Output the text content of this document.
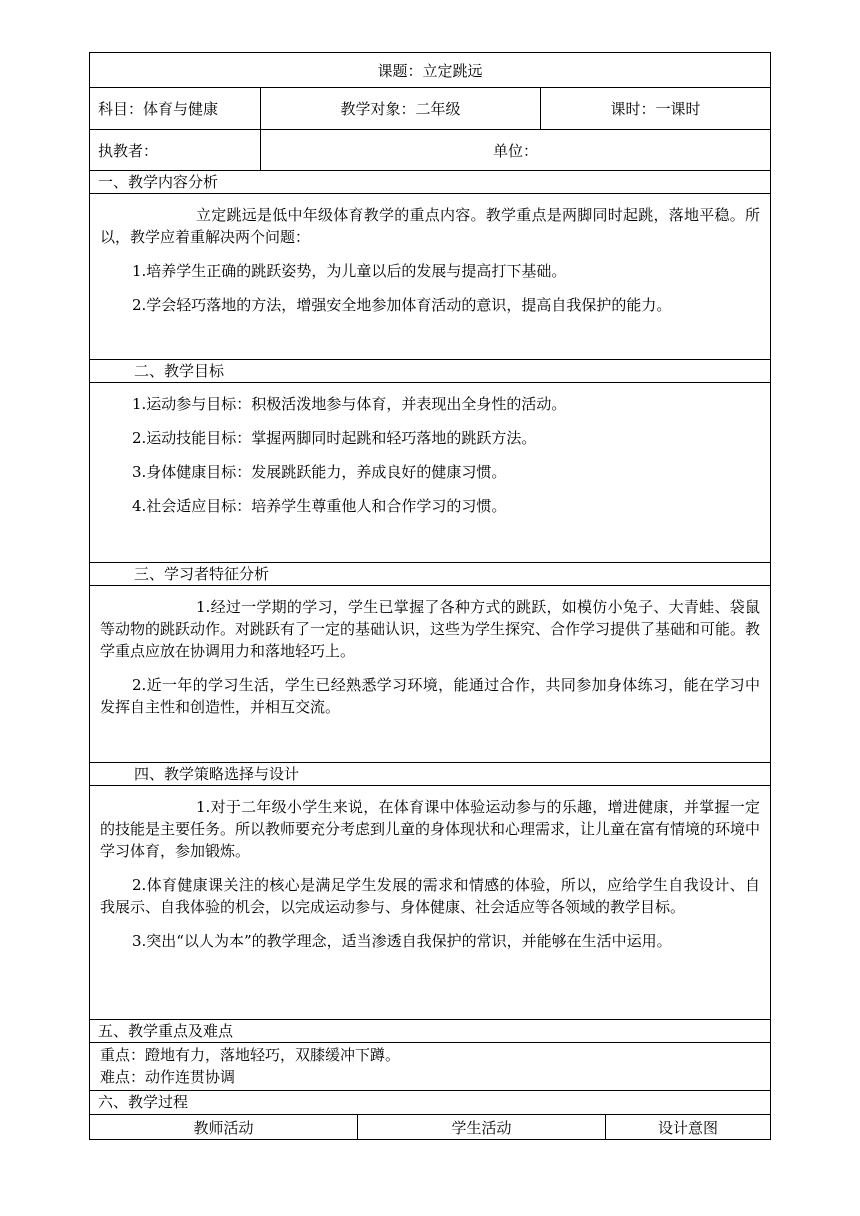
课题：立定跳远
科目：体育与健康	教学对象：二年级	课时：一课时
执教者：	单位：
一、教学内容分析

立定跳远是低中年级体育教学的重点内容。教学重点是两脚同时起跳，落地平稳。所以，教学应着重解决两个问题：

1.培养学生正确的跳跃姿势，为儿童以后的发展与提高打下基础。

2.学会轻巧落地的方法，增强安全地参加体育活动的意识，提高自我保护的能力。

二、教学目标

1.运动参与目标：积极活泼地参与体育，并表现出全身性的活动。

2.运动技能目标：掌握两脚同时起跳和轻巧落地的跳跃方法。

3.身体健康目标：发展跳跃能力，养成良好的健康习惯。

4.社会适应目标：培养学生尊重他人和合作学习的习惯。

三、学习者特征分析

1.经过一学期的学习，学生已掌握了各种方式的跳跃，如模仿小兔子、大青蛙、袋鼠等动物的跳跃动作。对跳跃有了一定的基础认识，这些为学生探究、合作学习提供了基础和可能。教学重点应放在协调用力和落地轻巧上。

2.近一年的学习生活，学生已经熟悉学习环境，能通过合作，共同参加身体练习，能在学习中发挥自主性和创造性，并相互交流。

四、教学策略选择与设计

1.对于二年级小学生来说，在体育课中体验运动参与的乐趣，增进健康，并掌握一定的技能是主要任务。所以教师要充分考虑到儿童的身体现状和心理需求，让儿童在富有情境的环境中学习体育，参加锻炼。

2.体育健康课关注的核心是满足学生发展的需求和情感的体验，所以，应给学生自我设计、自我展示、自我体验的机会，以完成运动参与、身体健康、社会适应等各领域的教学目标。

3.突出“以人为本”的教学理念，适当渗透自我保护的常识，并能够在生活中运用。

五、教学重点及难点
重点：蹬地有力，落地轻巧，双膝缓冲下蹲。
难点：动作连贯协调
六、教学过程
教师活动	学生活动	设计意图
